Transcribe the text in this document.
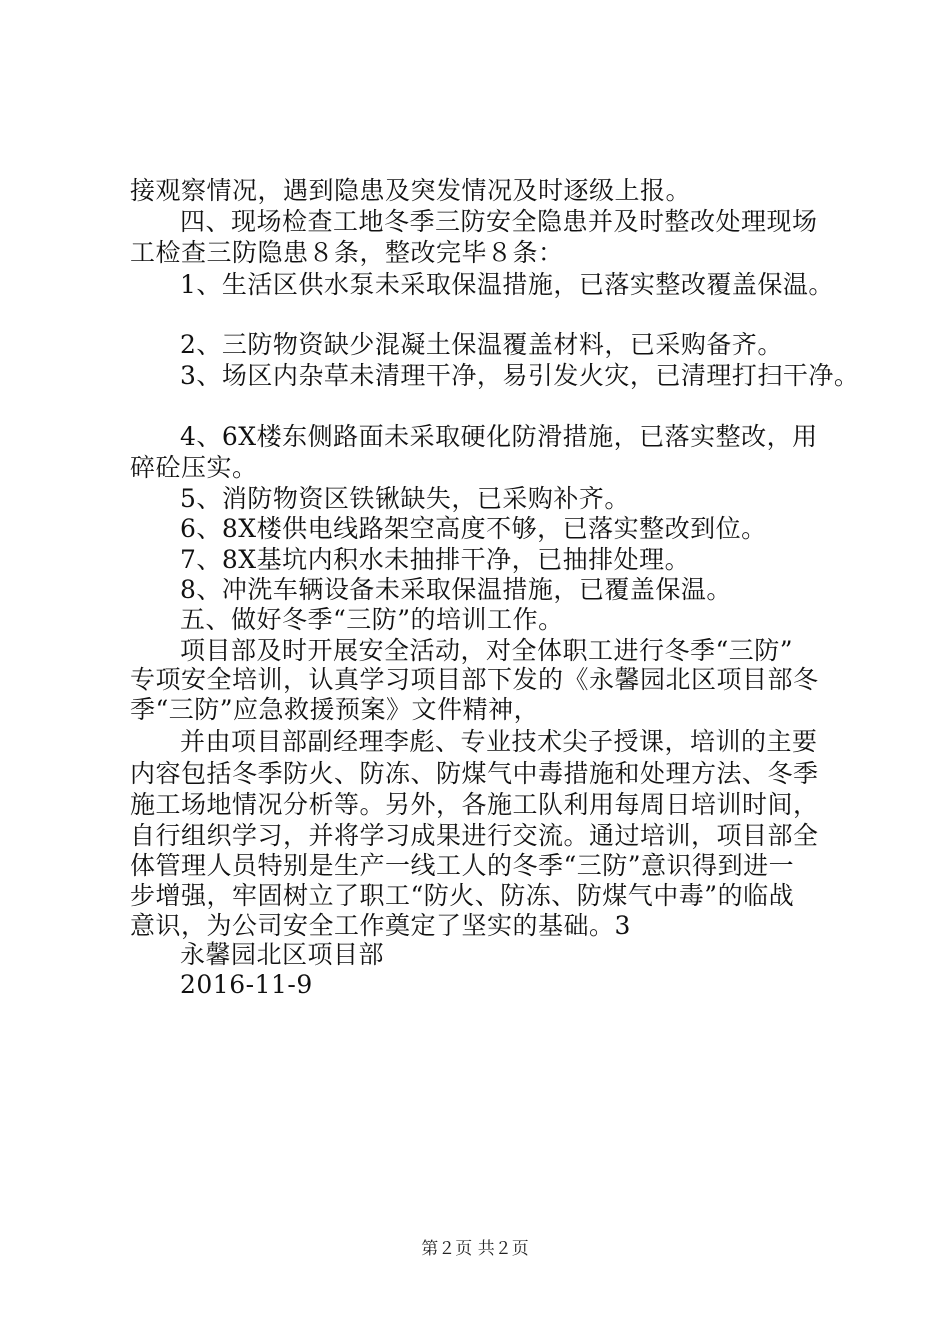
接观察情况，遇到隐患及突发情况及时逐级上报。
四、现场检查工地冬季三防安全隐患并及时整改处理现场
工检查三防隐患８条，整改完毕８条：
1、生活区供水泵未采取保温措施，已落实整改覆盖保温。
2、三防物资缺少混凝土保温覆盖材料，已采购备齐。
3、场区内杂草未清理干净，易引发火灾，已清理打扫干净。
4、6X楼东侧路面未采取硬化防滑措施，已落实整改，用
碎砼压实。
5、消防物资区铁锹缺失，已采购补齐。
6、8X楼供电线路架空高度不够，已落实整改到位。
7、8X基坑内积水未抽排干净，已抽排处理。
8、冲洗车辆设备未采取保温措施，已覆盖保温。
五、做好冬季“三防”的培训工作。
项目部及时开展安全活动，对全体职工进行冬季“三防”
专项安全培训，认真学习项目部下发的《永馨园北区项目部冬
季“三防”应急救援预案》文件精神，
并由项目部副经理李彪、专业技术尖子授课，培训的主要
内容包括冬季防火、防冻、防煤气中毒措施和处理方法、冬季
施工场地情况分析等。另外，各施工队利用每周日培训时间，
自行组织学习，并将学习成果进行交流。通过培训，项目部全
体管理人员特别是生产一线工人的冬季“三防”意识得到进一
步增强，牢固树立了职工“防火、防冻、防煤气中毒”的临战
意识，为公司安全工作奠定了坚实的基础。3
永馨园北区项目部
2016-11-9
第２页 共２页
